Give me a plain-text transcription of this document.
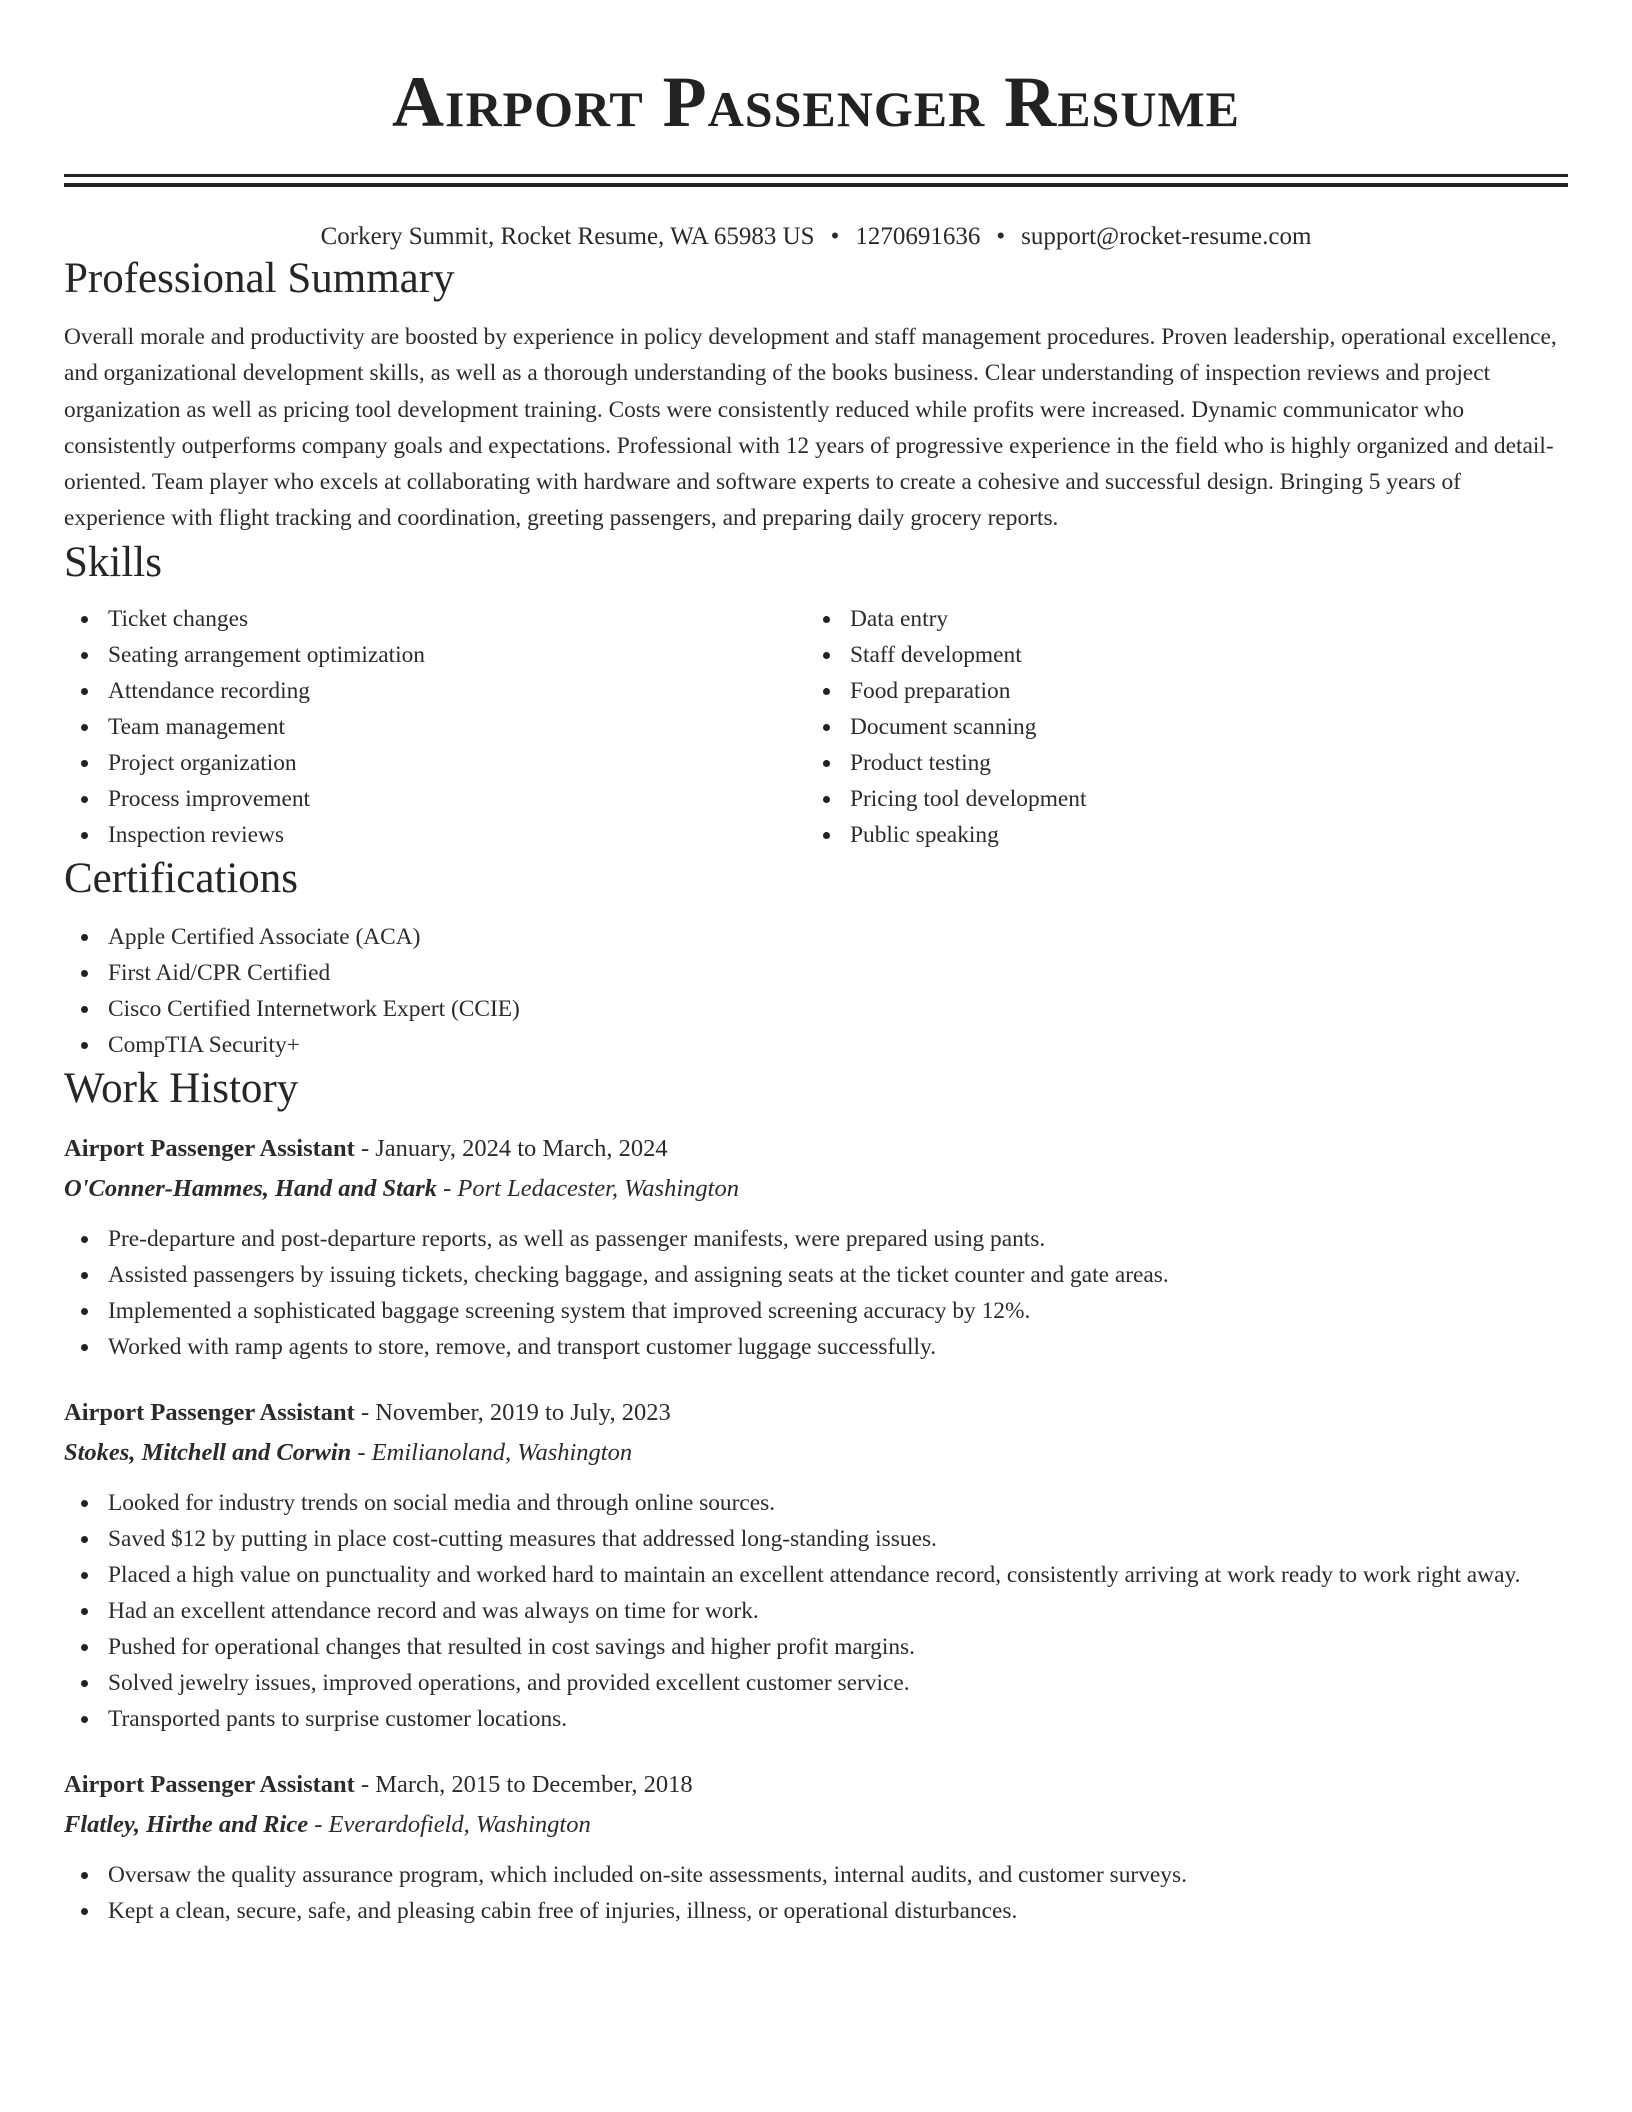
Airport Passenger Resume
Corkery Summit, Rocket Resume, WA 65983 US • 1270691636 • support@rocket-resume.com
Professional Summary

Overall morale and productivity are boosted by experience in policy development and staff management procedures. Proven leadership, operational excellence, and organizational development skills, as well as a thorough understanding of the books business. Clear understanding of inspection reviews and project organization as well as pricing tool development training. Costs were consistently reduced while profits were increased. Dynamic communicator who consistently outperforms company goals and expectations. Professional with 12 years of progressive experience in the field who is highly organized and detail-oriented. Team player who excels at collaborating with hardware and software experts to create a cohesive and successful design. Bringing 5 years of experience with flight tracking and coordination, greeting passengers, and preparing daily grocery reports.

Skills
Ticket changes
Seating arrangement optimization
Attendance recording
Team management
Project organization
Process improvement
Inspection reviews
Data entry
Staff development
Food preparation
Document scanning
Product testing
Pricing tool development
Public speaking
Certifications
Apple Certified Associate (ACA)
First Aid/CPR Certified
Cisco Certified Internetwork Expert (CCIE)
CompTIA Security+
Work History
Airport Passenger Assistant - January, 2024 to March, 2024
O'Conner-Hammes, Hand and Stark - Port Ledacester, Washington
Pre-departure and post-departure reports, as well as passenger manifests, were prepared using pants.
Assisted passengers by issuing tickets, checking baggage, and assigning seats at the ticket counter and gate areas.
Implemented a sophisticated baggage screening system that improved screening accuracy by 12%.
Worked with ramp agents to store, remove, and transport customer luggage successfully.
Airport Passenger Assistant - November, 2019 to July, 2023
Stokes, Mitchell and Corwin - Emilianoland, Washington
Looked for industry trends on social media and through online sources.
Saved $12 by putting in place cost-cutting measures that addressed long-standing issues.
Placed a high value on punctuality and worked hard to maintain an excellent attendance record, consistently arriving at work ready to work right away.
Had an excellent attendance record and was always on time for work.
Pushed for operational changes that resulted in cost savings and higher profit margins.
Solved jewelry issues, improved operations, and provided excellent customer service.
Transported pants to surprise customer locations.
Airport Passenger Assistant - March, 2015 to December, 2018
Flatley, Hirthe and Rice - Everardofield, Washington
Oversaw the quality assurance program, which included on-site assessments, internal audits, and customer surveys.
Kept a clean, secure, safe, and pleasing cabin free of injuries, illness, or operational disturbances.
